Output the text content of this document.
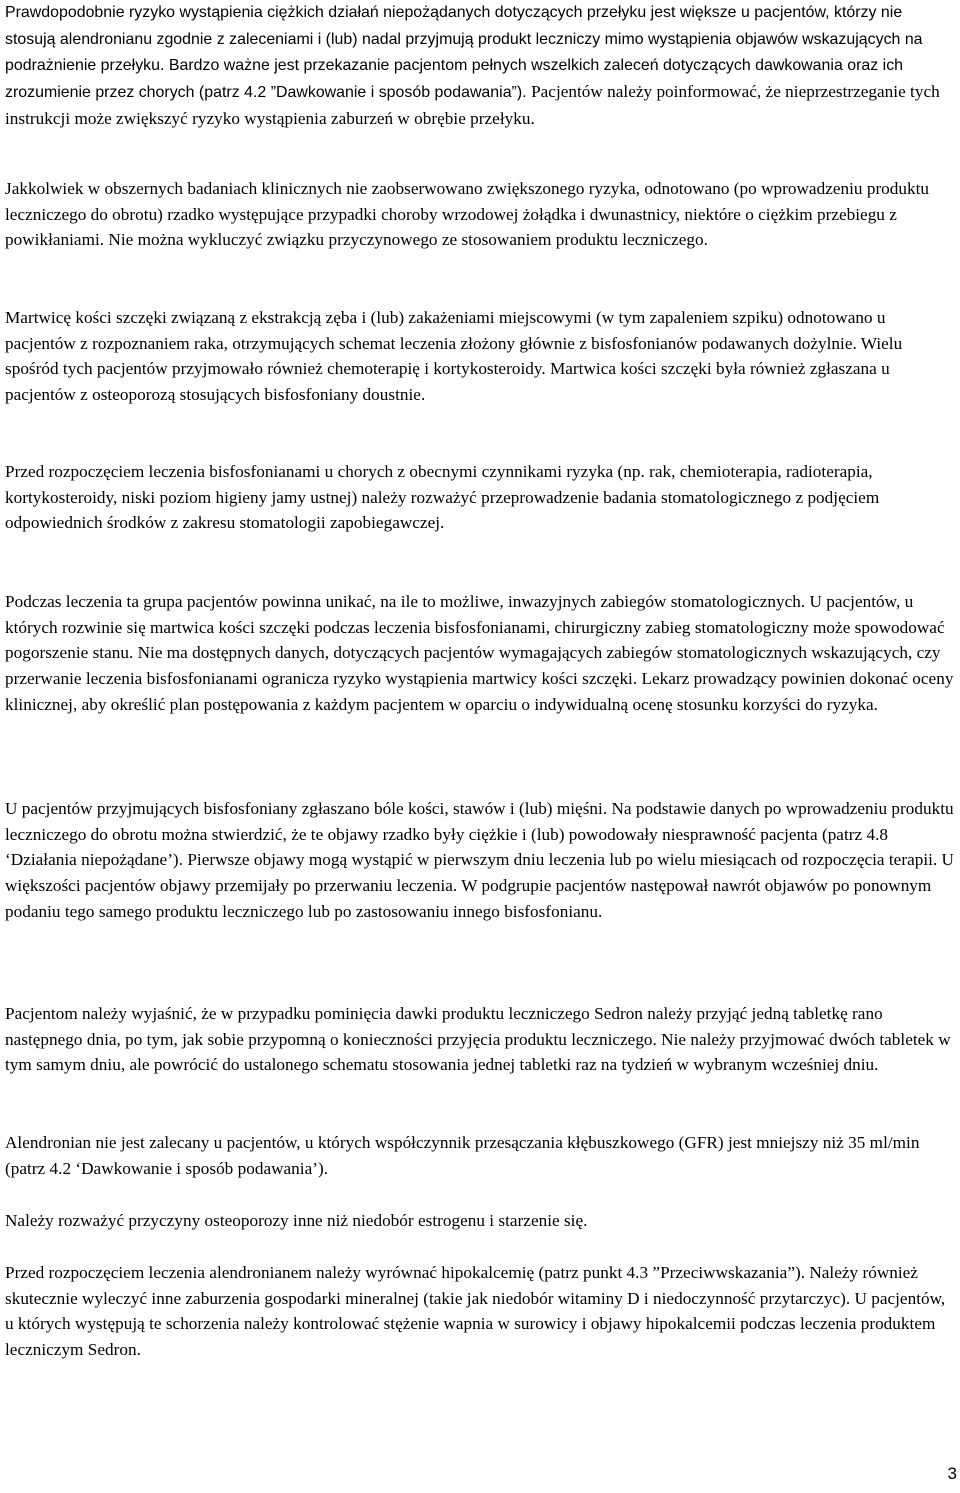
Prawdopodobnie ryzyko wystąpienia ciężkich działań niepożądanych dotyczących przełyku jest większe u pacjentów, którzy nie stosują alendronianu zgodnie z zaleceniami i (lub) nadal przyjmują produkt leczniczy mimo wystąpienia objawów wskazujących na podrażnienie przełyku. Bardzo ważne jest przekazanie pacjentom pełnych wszelkich zaleceń dotyczących dawkowania oraz ich zrozumienie przez chorych (patrz 4.2 ”Dawkowanie i sposób podawania”). Pacjentów należy poinformować, że nieprzestrzeganie tych instrukcji może zwiększyć ryzyko wystąpienia zaburzeń w obrębie przełyku.

Jakkolwiek w obszernych badaniach klinicznych nie zaobserwowano zwiększonego ryzyka, odnotowano (po wprowadzeniu produktu leczniczego do obrotu) rzadko występujące przypadki choroby wrzodowej żołądka i dwunastnicy, niektóre o ciężkim przebiegu z powikłaniami. Nie można wykluczyć związku przyczynowego ze stosowaniem produktu leczniczego.

Martwicę kości szczęki związaną z ekstrakcją zęba i (lub) zakażeniami miejscowymi (w tym zapaleniem szpiku) odnotowano u pacjentów z rozpoznaniem raka, otrzymujących schemat leczenia złożony głównie z bisfosfonianów podawanych dożylnie. Wielu spośród tych pacjentów przyjmowało również chemoterapię i kortykosteroidy. Martwica kości szczęki była również zgłaszana u pacjentów z osteoporozą stosujących bisfosfoniany doustnie.

Przed rozpoczęciem leczenia bisfosfonianami u chorych z obecnymi czynnikami ryzyka (np. rak, chemioterapia, radioterapia, kortykosteroidy, niski poziom higieny jamy ustnej) należy rozważyć przeprowadzenie badania stomatologicznego z podjęciem odpowiednich środków z zakresu stomatologii zapobiegawczej.

Podczas leczenia ta grupa pacjentów powinna unikać, na ile to możliwe, inwazyjnych zabiegów stomatologicznych. U pacjentów, u których rozwinie się martwica kości szczęki podczas leczenia bisfosfonianami, chirurgiczny zabieg stomatologiczny może spowodować pogorszenie stanu. Nie ma dostępnych danych, dotyczących pacjentów wymagających zabiegów stomatologicznych wskazujących, czy przerwanie leczenia bisfosfonianami ogranicza ryzyko wystąpienia martwicy kości szczęki. Lekarz prowadzący powinien dokonać oceny klinicznej, aby określić plan postępowania z każdym pacjentem w oparciu o indywidualną ocenę stosunku korzyści do ryzyka.

U pacjentów przyjmujących bisfosfoniany zgłaszano bóle kości, stawów i (lub) mięśni. Na podstawie danych po wprowadzeniu produktu leczniczego do obrotu można stwierdzić, że te objawy rzadko były ciężkie i (lub) powodowały niesprawność pacjenta (patrz 4.8 ‘Działania niepożądane’). Pierwsze objawy mogą wystąpić w pierwszym dniu leczenia lub po wielu miesiącach od rozpoczęcia terapii. U większości pacjentów objawy przemijały po przerwaniu leczenia. W podgrupie pacjentów następował nawrót objawów po ponownym podaniu tego samego produktu leczniczego lub po zastosowaniu innego bisfosfonianu.

Pacjentom należy wyjaśnić, że w przypadku pominięcia dawki produktu leczniczego Sedron należy przyjąć jedną tabletkę rano następnego dnia, po tym, jak sobie przypomną o konieczności przyjęcia produktu leczniczego. Nie należy przyjmować dwóch tabletek w tym samym dniu, ale powrócić do ustalonego schematu stosowania jednej tabletki raz na tydzień w wybranym wcześniej dniu.

Alendronian nie jest zalecany u pacjentów, u których współczynnik przesączania kłębuszkowego (GFR) jest mniejszy niż 35 ml/min (patrz 4.2 ‘Dawkowanie i sposób podawania’).

Należy rozważyć przyczyny osteoporozy inne niż niedobór estrogenu i starzenie się.

Przed rozpoczęciem leczenia alendronianem należy wyrównać hipokalcemię (patrz punkt 4.3 ”Przeciwwskazania”). Należy również skutecznie wyleczyć inne zaburzenia gospodarki mineralnej (takie jak niedobór witaminy D i niedoczynność przytarczyc). U pacjentów, u których występują te schorzenia należy kontrolować stężenie wapnia w surowicy i objawy hipokalcemii podczas leczenia produktem leczniczym Sedron.

3
